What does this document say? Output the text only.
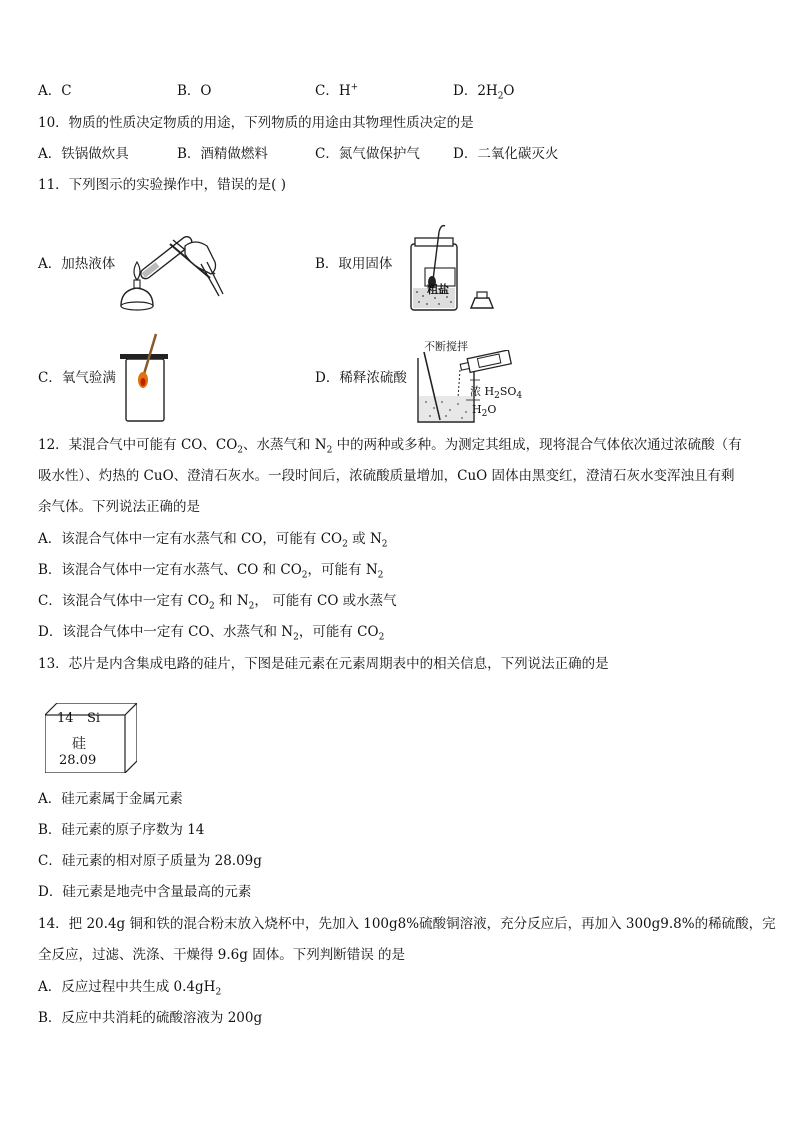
A．C	B．O	C．H+	D．$2H_2O$
10．物质的性质决定物质的用途，下列物质的用途由其物理性质决定的是
A．铁锅做炊具	B．酒精做燃料	C．氮气做保护气 D．二氧化碳灭火
11．下列图示的实验操作中，错误的是( )
A．加热液体	B．取用固体
粗盐
C．氧气验满	D．稀释浓硫酸
不断搅拌
浓 $H_2SO_4$
$H_2O$
12．某混合气中可能有 CO、$CO_2$、水蒸气和 $N_2$ 中的两种或多种。为测定其组成，现将混合气体依次通过浓硫酸（有
吸水性）、灼热的 CuO、澄清石灰水。一段时间后，浓硫酸质量增加，CuO 固体由黑变红，澄清石灰水变浑浊且有剩
余气体。下列说法正确的是
A．该混合气体中一定有水蒸气和 CO，可能有 $CO_2$ 或 $N_2$
B．该混合气体中一定有水蒸气、CO 和 $CO_2$，可能有 $N_2$
C．该混合气体中一定有 $CO_2$ 和 $N_2$， 可能有 CO 或水蒸气
D．该混合气体中一定有 CO、水蒸气和 $N_2$，可能有 $CO_2$
13．芯片是内含集成电路的硅片，下图是硅元素在元素周期表中的相关信息，下列说法正确的是
14 Si
硅
28.09
A．硅元素属于金属元素
B．硅元素的原子序数为 14
C．硅元素的相对原子质量为 28.09g
D．硅元素是地壳中含量最高的元素
14．把 20.4g 铜和铁的混合粉末放入烧杯中，先加入 100g8%硫酸铜溶液，充分反应后，再加入 300g9.8%的稀硫酸，完
全反应，过滤、洗涤、干燥得 9.6g 固体。下列判断错误 的是
A．反应过程中共生成 $0.4gH_2$
B．反应中共消耗的硫酸溶液为 200g
